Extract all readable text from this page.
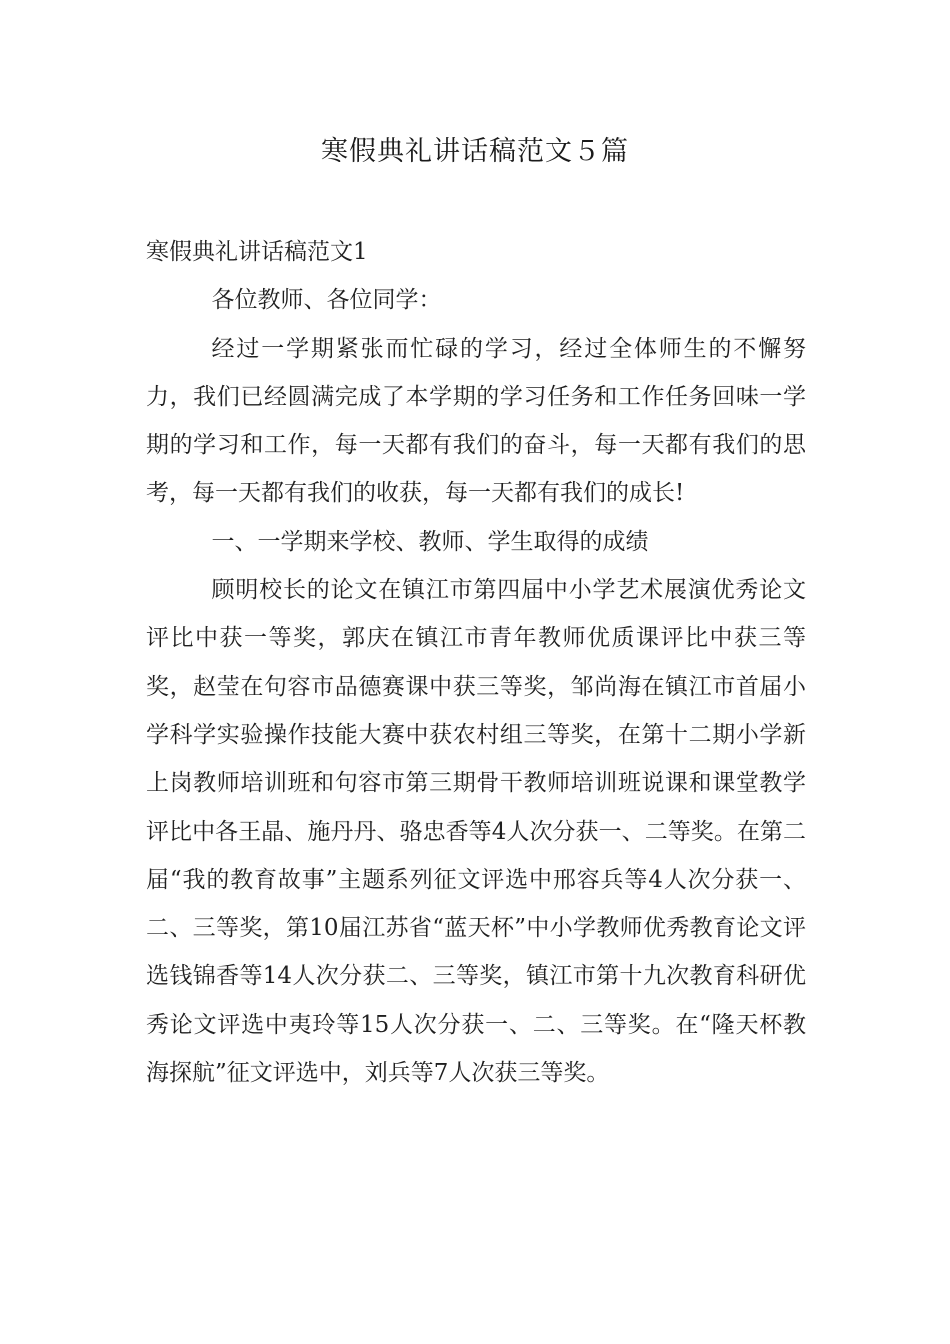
寒假典礼讲话稿范文５篇

寒假典礼讲话稿范文1

各位教师、各位同学：

经过一学期紧张而忙碌的学习，经过全体师生的不懈努力，我们已经圆满完成了本学期的学习任务和工作任务回味一学期的学习和工作，每一天都有我们的奋斗，每一天都有我们的思考，每一天都有我们的收获，每一天都有我们的成长!

一、一学期来学校、教师、学生取得的成绩

顾明校长的论文在镇江市第四届中小学艺术展演优秀论文评比中获一等奖，郭庆在镇江市青年教师优质课评比中获三等奖，赵莹在句容市品德赛课中获三等奖，邹尚海在镇江市首届小学科学实验操作技能大赛中获农村组三等奖，在第十二期小学新上岗教师培训班和句容市第三期骨干教师培训班说课和课堂教学评比中各王晶、施丹丹、骆忠香等4人次分获一、二等奖。在第二届“我的教育故事”主题系列征文评选中邢容兵等4人次分获一、二、三等奖，第10届江苏省“蓝天杯”中小学教师优秀教育论文评选钱锦香等14人次分获二、三等奖，镇江市第十九次教育科研优秀论文评选中夷玲等15人次分获一、二、三等奖。在“隆天杯教海探航”征文评选中，刘兵等7人次获三等奖。
